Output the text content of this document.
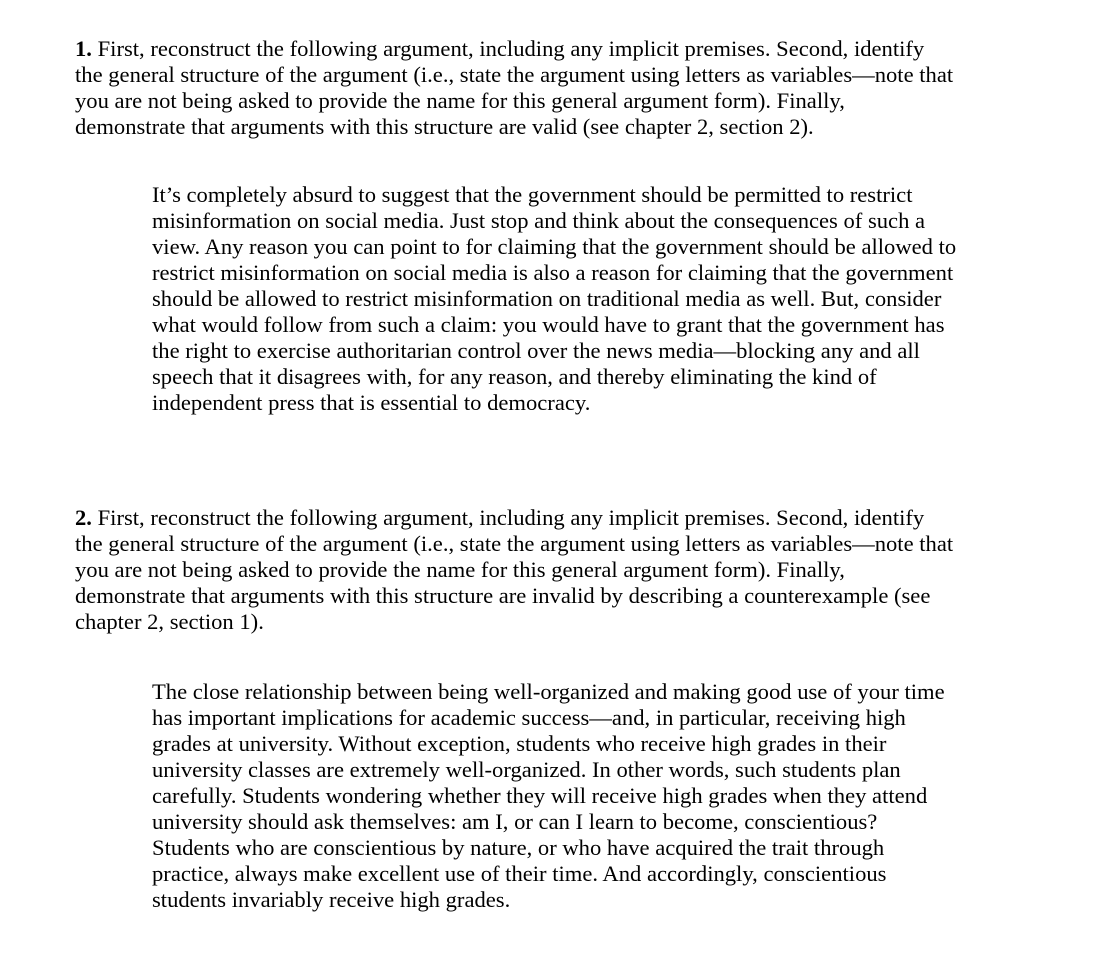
1. First, reconstruct the following argument, including any implicit premises. Second, identify
the general structure of the argument (i.e., state the argument using letters as variables—note that
you are not being asked to provide the name for this general argument form). Finally,
demonstrate that arguments with this structure are valid (see chapter 2, section 2).
It’s completely absurd to suggest that the government should be permitted to restrict
misinformation on social media. Just stop and think about the consequences of such a
view. Any reason you can point to for claiming that the government should be allowed to
restrict misinformation on social media is also a reason for claiming that the government
should be allowed to restrict misinformation on traditional media as well. But, consider
what would follow from such a claim: you would have to grant that the government has
the right to exercise authoritarian control over the news media—blocking any and all
speech that it disagrees with, for any reason, and thereby eliminating the kind of
independent press that is essential to democracy.
2. First, reconstruct the following argument, including any implicit premises. Second, identify
the general structure of the argument (i.e., state the argument using letters as variables—note that
you are not being asked to provide the name for this general argument form). Finally,
demonstrate that arguments with this structure are invalid by describing a counterexample (see
chapter 2, section 1).
The close relationship between being well-organized and making good use of your time
has important implications for academic success—and, in particular, receiving high
grades at university. Without exception, students who receive high grades in their
university classes are extremely well-organized. In other words, such students plan
carefully. Students wondering whether they will receive high grades when they attend
university should ask themselves: am I, or can I learn to become, conscientious?
Students who are conscientious by nature, or who have acquired the trait through
practice, always make excellent use of their time. And accordingly, conscientious
students invariably receive high grades.
